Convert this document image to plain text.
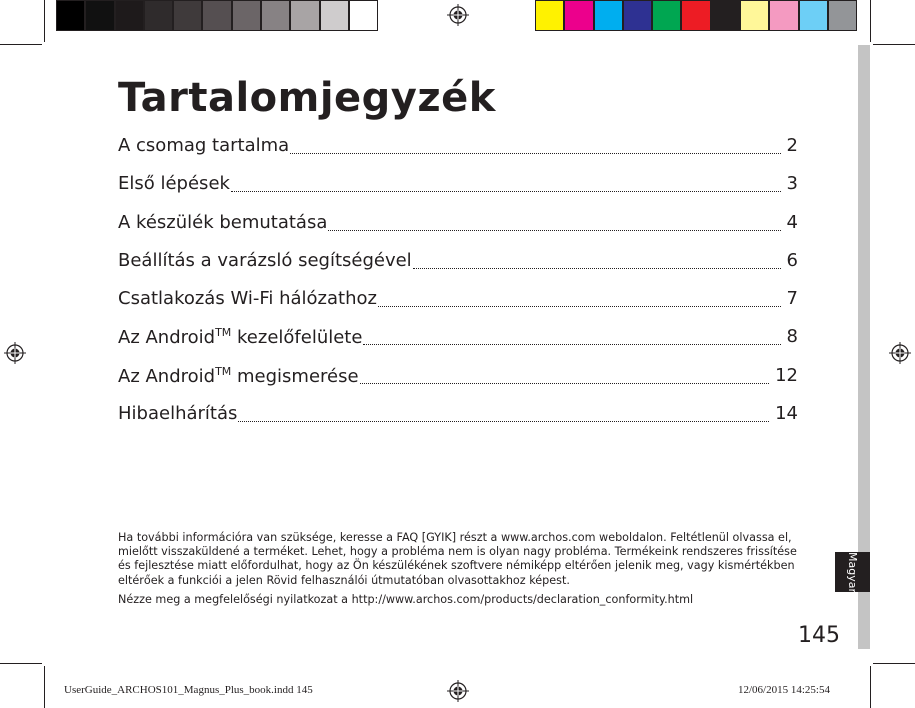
Magyar
Tartalomjegyzék
A csomag tartalma	2
Első lépések	3
A készülék bemutatása	4
Beállítás a varázsló segítségével	6
Csatlakozás Wi-Fi hálózathoz	7
Az Android™ kezelőfelülete	8
Az Android™ megismerése	12
Hibaelhárítás	14

Ha további információra van szüksége, keresse a FAQ [GYIK] részt a www.archos.com weboldalon. Feltétlenül olvassa el, mielőtt visszaküldené a terméket. Lehet, hogy a probléma nem is olyan nagy probléma. Termékeink rendszeres frissítése és fejlesztése miatt előfordulhat, hogy az Ön készülékének szoftvere némiképp eltérően jelenik meg, vagy kismértékben eltérőek a funkciói a jelen Rövid felhasználói útmutatóban olvasottakhoz képest.

Nézze meg a megfelelőségi nyilatkozat a http://www.archos.com/products/declaration_conformity.html

145
UserGuide_ARCHOS101_Magnus_Plus_book.indd 145	12/06/2015 14:25:54
